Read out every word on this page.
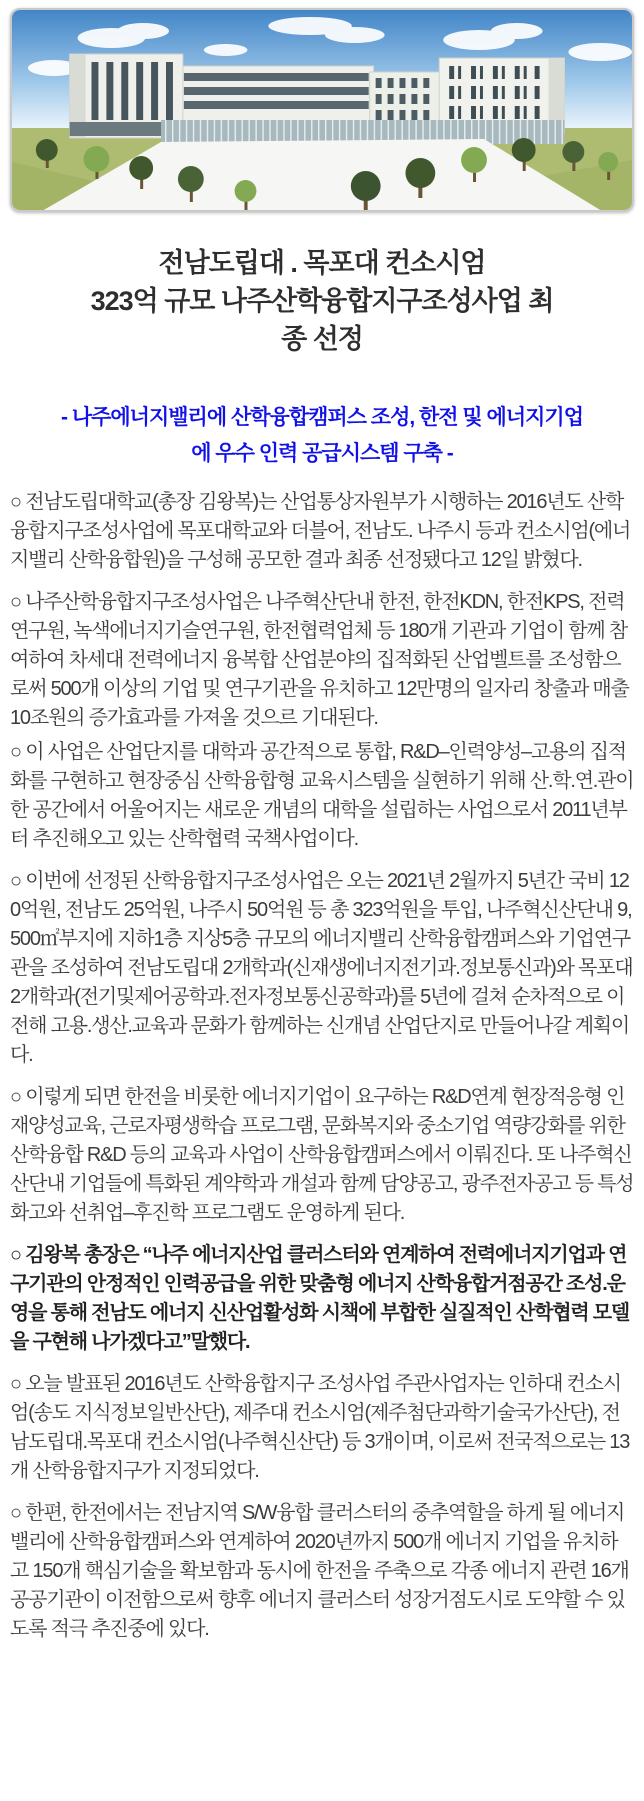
전남도립대 . 목포대 컨소시엄
323억 규모 나주산학융합지구조성사업 최
종 선정
- 나주에너지밸리에 산학융합캠퍼스 조성, 한전 및 에너지기업
에 우수 인력 공급시스템 구축 -

○ 전남도립대학교(총장 김왕복)는 산업통상자원부가 시행하는 2016년도 산학융합지구조성사업에 목포대학교와 더블어, 전남도. 나주시 등과 컨소시엄(에너지밸리 산학융합원)을 구성해 공모한 결과 최종 선정됐다고 12일 밝혔다.

○ 나주산학융합지구조성사업은 나주혁산단내 한전, 한전KDN, 한전KPS, 전력연구원, 녹색에너지기슬연구원, 한전협력업체 등 180개 기관과 기업이 함께 참여하여 차세대 전력에너지 융복합 산업분야의 집적화된 산업벨트를 조성함으로써 500개 이상의 기업 및 연구기관을 유치하고 12만명의 일자리 창출과 매출 10조원의 증가효과를 가져올 것으르 기대된다.

○ 이 사업은 산업단지를 대학과 공간적으로 통합, R&D–인력양성–고용의 집적화를 구현하고 현장중심 산학융합형 교육시스템을 실현하기 위해 산.학.연.관이 한 공간에서 어울어지는 새로운 개념의 대학을 설립하는 사업으로서 2011년부터 추진해오고 있는 산학협력 국책사업이다.

○ 이번에 선정된 산학융합지구조성사업은 오는 2021년 2월까지 5년간 국비 120억원, 전남도 25억원, 나주시 50억원 등 총 323억원을 투입, 나주혁신산단내 9,500㎡부지에 지하1층 지상5층 규모의 에너지밸리 산학융합캠퍼스와 기업연구관을 조성하여 전남도립대 2개학과(신재생에너지전기과.정보통신과)와 목포대 2개학과(전기및제어공학과.전자정보통신공학과)를 5년에 걸쳐 순차적으로 이전해 고용.생산.교육과 문화가 함께하는 신개념 산업단지로 만들어나갈 계획이다.

○ 이렇게 되면 한전을 비롯한 에너지기업이 요구하는 R&D연계 현장적응형 인재양성교육, 근로자평생학습 프로그램, 문화복지와 중소기업 역량강화를 위한 산학융합 R&D 등의 교육과 사업이 산학융합캠퍼스에서 이뤄진다. 또 나주혁신산단내 기업들에 특화된 계약학과 개설과 함께 담양공고, 광주전자공고 등 특성화고와 선취업–후진학 프로그램도 운영하게 된다.

○ 김왕복 총장은 “나주 에너지산업 클러스터와 연계하여 전력에너지기업과 연구기관의 안정적인 인력공급을 위한 맞춤형 에너지 산학융합거점공간 조성.운영을 통해 전남도 에너지 신산업활성화 시책에 부합한 실질적인 산학협력 모델을 구현해 나가겠다고”말했다.

○ 오늘 발표된 2016년도 산학융합지구 조성사업 주관사업자는 인하대 컨소시엄(송도 지식정보일반산단), 제주대 컨소시엄(제주첨단과학기술국가산단), 전남도립대.목포대 컨소시엄(나주혁신산단) 등 3개이며, 이로써 전국적으로는 13개 산학융합지구가 지정되었다.

○ 한편, 한전에서는 전남지역 S/W융합 클러스터의 중추역할을 하게 될 에너지밸리에 산학융합캠퍼스와 연계하여 2020년까지 500개 에너지 기업을 유치하고 150개 핵심기술을 확보함과 동시에 한전을 주축으로 각종 에너지 관련 16개 공공기관이 이전함으로써 향후 에너지 클러스터 성장거점도시로 도약할 수 있도록 적극 추진중에 있다.
